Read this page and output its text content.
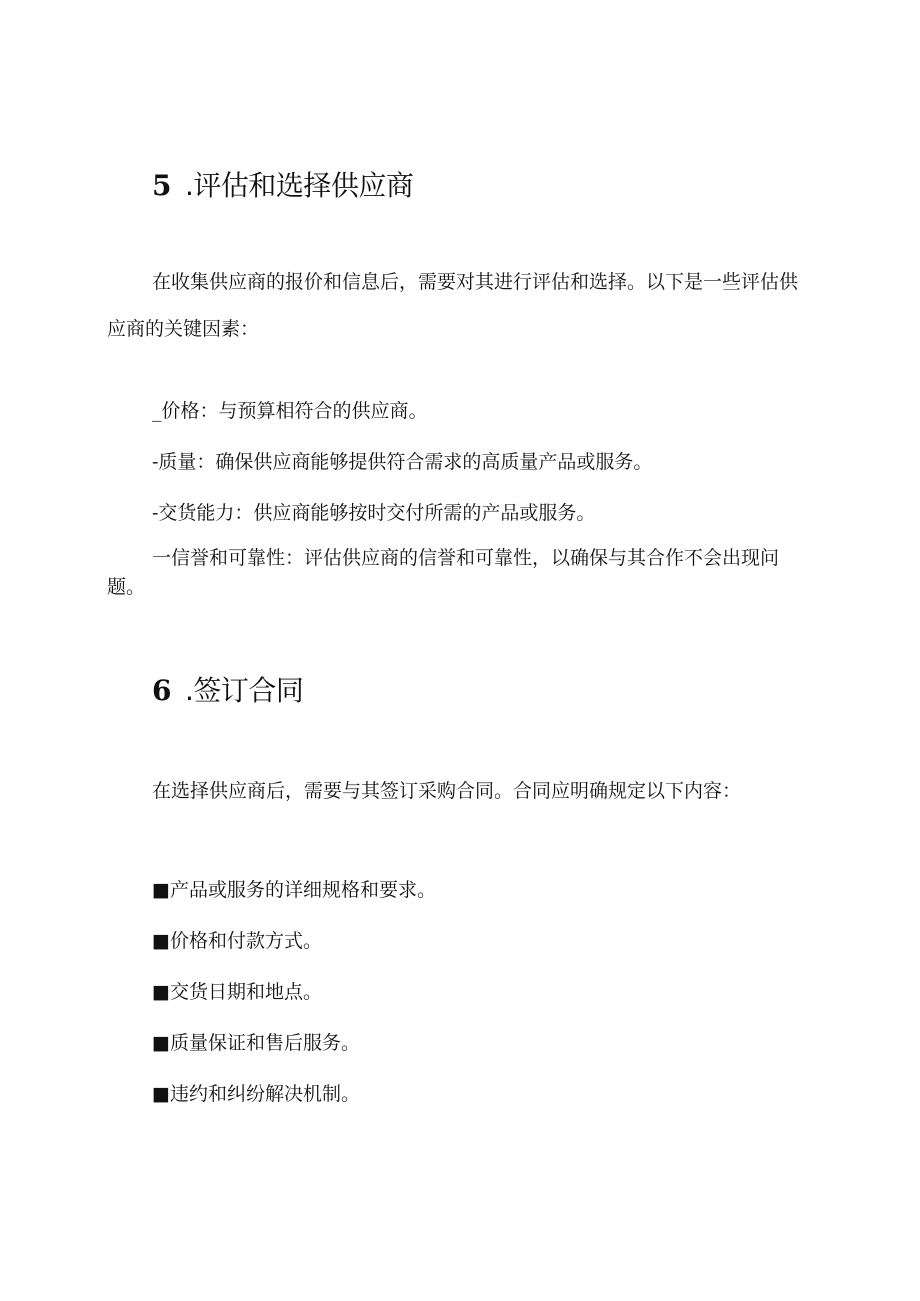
5 .评估和选择供应商

在收集供应商的报价和信息后，需要对其进行评估和选择。以下是一些评估供应商的关键因素：

_价格：与预算相符合的供应商。

-质量：确保供应商能够提供符合需求的高质量产品或服务。

-交货能力：供应商能够按时交付所需的产品或服务。

一信誉和可靠性：评估供应商的信誉和可靠性，以确保与其合作不会出现问题。

6 .签订合同

在选择供应商后，需要与其签订采购合同。合同应明确规定以下内容：

■产品或服务的详细规格和要求。

■价格和付款方式。

■交货日期和地点。

■质量保证和售后服务。

■违约和纠纷解决机制。
